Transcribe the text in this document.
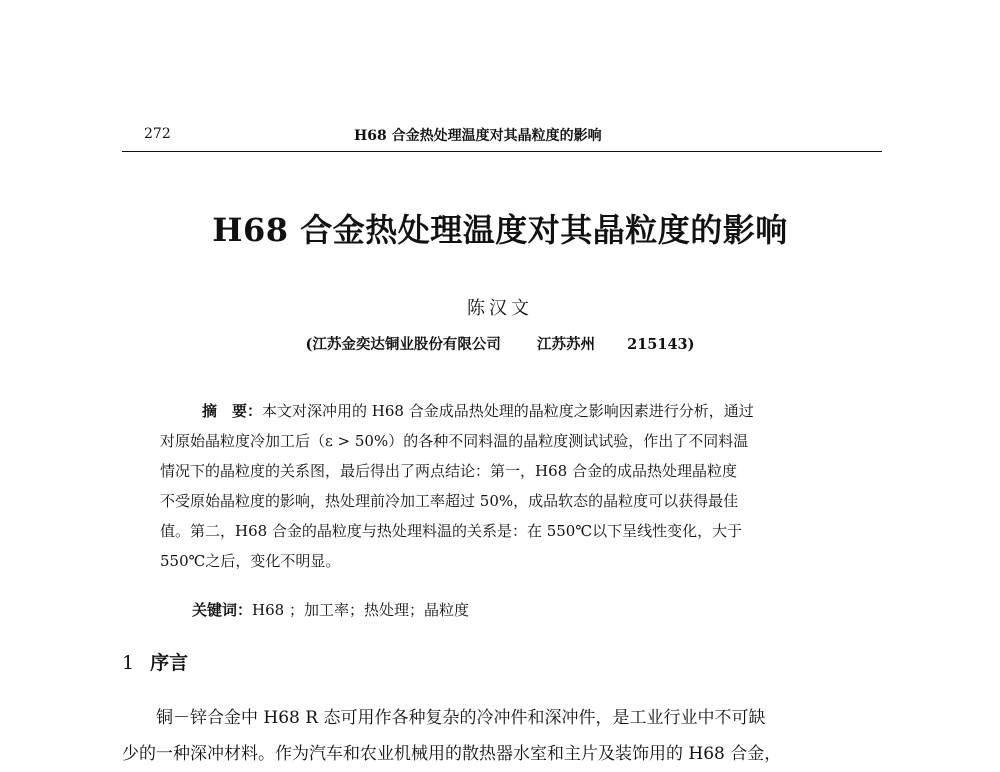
272	H68 合金热处理温度对其晶粒度的影响
H68 合金热处理温度对其晶粒度的影响
陈汉文
(江苏金奕达铜业股份有限公司 江苏苏州 215143)
摘　要：本文对深冲用的 H68 合金成品热处理的晶粒度之影响因素进行分析，通过
对原始晶粒度冷加工后（ε > 50%）的各种不同料温的晶粒度测试试验，作出了不同料温
情况下的晶粒度的关系图，最后得出了两点结论：第一，H68 合金的成品热处理晶粒度
不受原始晶粒度的影响，热处理前冷加工率超过 50%，成品软态的晶粒度可以获得最佳
值。第二，H68 合金的晶粒度与热处理料温的关系是：在 550℃以下呈线性变化，大于
550℃之后，变化不明显。
关键词：H68 ；加工率；热处理；晶粒度
1 序言
铜－锌合金中 H68 R 态可用作各种复杂的冷冲件和深冲件，是工业行业中不可缺
少的一种深冲材料。作为汽车和农业机械用的散热器水室和主片及装饰用的 H68 合金，
